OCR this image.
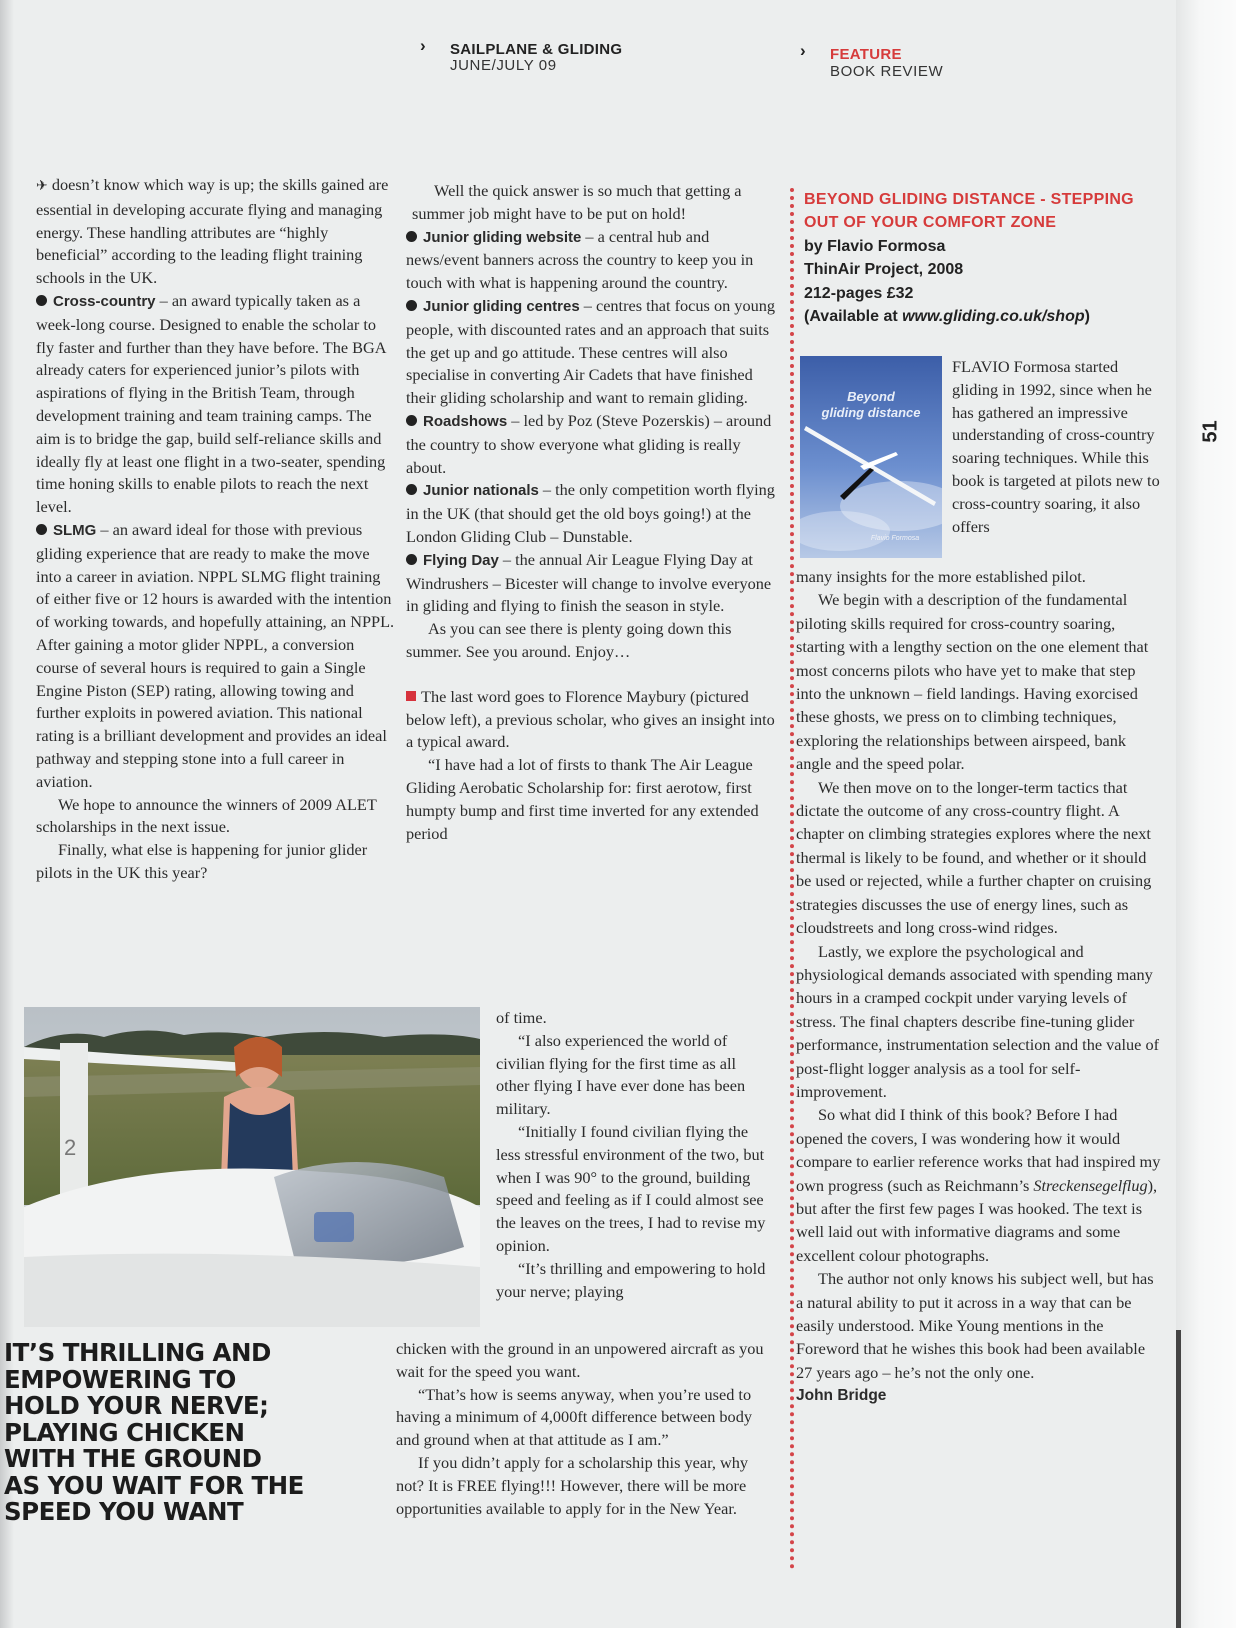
› SAILPLANE & GLIDING
JUNE/JULY 09
› FEATURE
BOOK REVIEW

✈ doesn’t know which way is up; the skills gained are essential in developing accurate flying and managing energy. These handling attributes are “highly beneficial” according to the leading flight training schools in the UK.

Cross-country – an award typically taken as a week-long course. Designed to enable the scholar to fly faster and further than they have before. The BGA already caters for experienced junior’s pilots with aspirations of flying in the British Team, through development training and team training camps. The aim is to bridge the gap, build self-reliance skills and ideally fly at least one flight in a two-seater, spending time honing skills to enable pilots to reach the next level.

SLMG – an award ideal for those with previous gliding experience that are ready to make the move into a career in aviation. NPPL SLMG flight training of either five or 12 hours is awarded with the intention of working towards, and hopefully attaining, an NPPL. After gaining a motor glider NPPL, a conversion course of several hours is required to gain a Single Engine Piston (SEP) rating, allowing towing and further exploits in powered aviation. This national rating is a brilliant development and provides an ideal pathway and stepping stone into a full career in aviation.

We hope to announce the winners of 2009 ALET scholarships in the next issue.

Finally, what else is happening for junior glider pilots in the UK this year?

2
IT’S THRILLING AND EMPOWERING TO HOLD YOUR NERVE; PLAYING CHICKEN WITH THE GROUND AS YOU WAIT FOR THE SPEED YOU WANT

Well the quick answer is so much that getting a summer job might have to be put on hold!

Junior gliding website – a central hub and news/event banners across the country to keep you in touch with what is happening around the country.

Junior gliding centres – centres that focus on young people, with discounted rates and an approach that suits the get up and go attitude. These centres will also specialise in converting Air Cadets that have finished their gliding scholarship and want to remain gliding.

Roadshows – led by Poz (Steve Pozerskis) – around the country to show everyone what gliding is really about.

Junior nationals – the only competition worth flying in the UK (that should get the old boys going!) at the London Gliding Club – Dunstable.

Flying Day – the annual Air League Flying Day at Windrushers – Bicester will change to involve everyone in gliding and flying to finish the season in style.

As you can see there is plenty going down this summer. See you around. Enjoy…

The last word goes to Florence Maybury (pictured below left), a previous scholar, who gives an insight into a typical award.

“I have had a lot of firsts to thank The Air League Gliding Aerobatic Scholarship for: first aerotow, first humpty bump and first time inverted for any extended period

of time.

“I also experienced the world of civilian flying for the first time as all other flying I have ever done has been military.

“Initially I found civilian flying the less stressful environment of the two, but when I was 90° to the ground, building speed and feeling as if I could almost see the leaves on the trees, I had to revise my opinion.

“It’s thrilling and empowering to hold your nerve; playing

chicken with the ground in an unpowered aircraft as you wait for the speed you want.

“That’s how is seems anyway, when you’re used to having a minimum of 4,000ft difference between body and ground when at that attitude as I am.”

If you didn’t apply for a scholarship this year, why not? It is FREE flying!!! However, there will be more opportunities available to apply for in the New Year.

BEYOND GLIDING DISTANCE - STEPPING OUT OF YOUR COMFORT ZONE
by Flavio Formosa
ThinAir Project, 2008
212-pages £32
(Available at www.gliding.co.uk/shop)
Beyond
gliding distance
Flavio Formosa
FLAVIO Formosa started gliding in 1992, since when he has gathered an impressive understanding of cross-country soaring techniques. While this book is targeted at pilots new to cross-country soaring, it also offers

many insights for the more established pilot.

We begin with a description of the fundamental piloting skills required for cross-country soaring, starting with a lengthy section on the one element that most concerns pilots who have yet to make that step into the unknown – field landings. Having exorcised these ghosts, we press on to climbing techniques, exploring the relationships between airspeed, bank angle and the speed polar.

We then move on to the longer-term tactics that dictate the outcome of any cross-country flight. A chapter on climbing strategies explores where the next thermal is likely to be found, and whether or it should be used or rejected, while a further chapter on cruising strategies discusses the use of energy lines, such as cloudstreets and long cross-wind ridges.

Lastly, we explore the psychological and physiological demands associated with spending many hours in a cramped cockpit under varying levels of stress. The final chapters describe fine-tuning glider performance, instrumentation selection and the value of post-flight logger analysis as a tool for self-improvement.

So what did I think of this book? Before I had opened the covers, I was wondering how it would compare to earlier reference works that had inspired my own progress (such as Reichmann’s Streckensegelflug), but after the first few pages I was hooked. The text is well laid out with informative diagrams and some excellent colour photographs.

The author not only knows his subject well, but has a natural ability to put it across in a way that can be easily understood. Mike Young mentions in the Foreword that he wishes this book had been available 27 years ago – he’s not the only one.

John Bridge

51
